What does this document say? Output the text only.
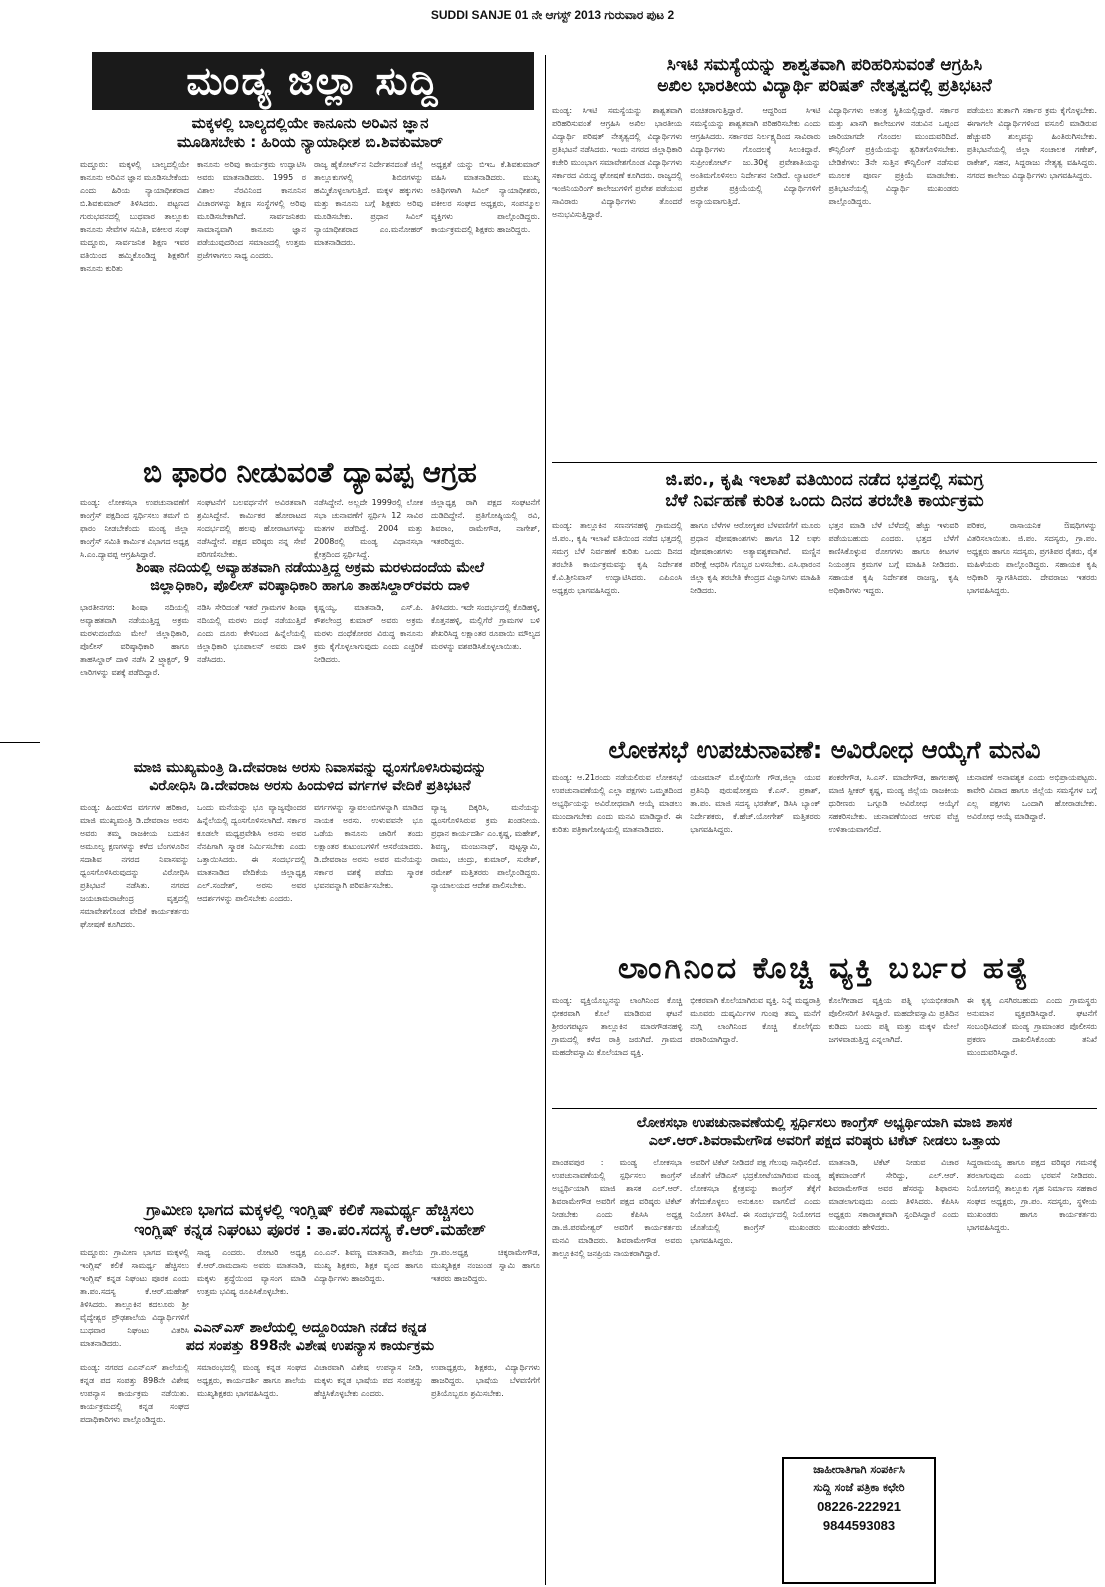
SUDDI SANJE 01 ನೇ ಆಗಸ್ಟ್ 2013 ಗುರುವಾರ ಪುಟ 2
ಮಂಡ್ಯ ಜಿಲ್ಲಾ ಸುದ್ದಿ
ಮಕ್ಕಳಲ್ಲಿ ಬಾಲ್ಯದಲ್ಲಿಯೇ ಕಾನೂನು ಅರಿವಿನ ಜ್ಞಾನ
ಮೂಡಿಸಬೇಕು : ಹಿರಿಯ ನ್ಯಾಯಾಧೀಶ ಬಿ.ಶಿವಕುಮಾರ್
ಮದ್ದೂರು: ಮಕ್ಕಳಲ್ಲಿ ಬಾಲ್ಯದಲ್ಲಿಯೇ ಕಾನೂನು ಅರಿವಿನ ಜ್ಞಾನ ಮೂಡಿಸಬೇಕೆಂದು ಎಂದು ಹಿರಿಯ ನ್ಯಾಯಾಧೀಶರಾದ ಬಿ.ಶಿವಕುಮಾರ್ ತಿಳಿಸಿದರು. ಪಟ್ಟಣದ ಗುರುಭವನದಲ್ಲಿ ಬುಧವಾರ ತಾಲ್ಲೂಕು ಕಾನೂನು ಸೇವೆಗಳ ಸಮಿತಿ, ವಕೀಲರ ಸಂಘ ಮದ್ದೂರು, ಸಾರ್ವಜನಿಕ ಶಿಕ್ಷಣ ಇವರ ವತಿಯಿಂದ ಹಮ್ಮಿಕೊಂಡಿದ್ದ ಶಿಕ್ಷಕರಿಗೆ ಕಾನೂನು ಕುರಿತು
ಕಾನೂನು ಅರಿವು ಕಾರ್ಯಕ್ರಮ ಉದ್ಘಾಟಿಸಿ ಅವರು ಮಾತನಾಡಿದರು. 1995 ರ ವಿಶಾಲ ನೆರವಿನಿಂದ ಕಾನೂನಿನ ವಿಚಾರಗಳನ್ನು ಶಿಕ್ಷಣ ಸಂಸ್ಥೆಗಳಲ್ಲಿ ಅರಿವು ಮೂಡಿಸಬೇಕಾಗಿದೆ. ಸಾರ್ವಜನಿಕರು ಸಾಮಾನ್ಯವಾಗಿ ಕಾನೂನು ಜ್ಞಾನ ಪಡೆಯುವುದರಿಂದ ಸಮಾಜದಲ್ಲಿ ಉತ್ತಮ ಪ್ರಜೆಗಳಾಗಲು ಸಾಧ್ಯ ಎಂದರು.
ರಾಜ್ಯ ಹೈಕೋರ್ಟ್‌ನ ನಿರ್ದೇಶನದಂತೆ ಜಿಲ್ಲೆ ತಾಲ್ಲೂಕುಗಳಲ್ಲಿ ಶಿಬಿರಗಳನ್ನು ಹಮ್ಮಿಕೊಳ್ಳಲಾಗುತ್ತಿದೆ. ಮಕ್ಕಳ ಹಕ್ಕುಗಳು ಮತ್ತು ಕಾನೂನು ಬಗ್ಗೆ ಶಿಕ್ಷಕರು ಅರಿವು ಮೂಡಿಸಬೇಕು. ಪ್ರಧಾನ ಸಿವಿಲ್ ನ್ಯಾಯಾಧೀಶರಾದ ಎಂ.ಮನೋಹರ್ ಮಾತನಾಡಿದರು.
ಅಧ್ಯಕ್ಷತೆ ಯನ್ನು ಬಿಇಒ ಕೆ.ಶಿವಕುಮಾರ್ ವಹಿಸಿ ಮಾತನಾಡಿದರು. ಮುಖ್ಯ ಅತಿಥಿಗಳಾಗಿ ಸಿವಿಲ್ ನ್ಯಾಯಾಧೀಶರು, ವಕೀಲರ ಸಂಘದ ಅಧ್ಯಕ್ಷರು, ಸಂಪನ್ಮೂಲ ವ್ಯಕ್ತಿಗಳು ಪಾಲ್ಗೊಂಡಿದ್ದರು. ಕಾರ್ಯಕ್ರಮದಲ್ಲಿ ಶಿಕ್ಷಕರು ಹಾಜರಿದ್ದರು.
ಬಿ ಫಾರಂ ನೀಡುವಂತೆ ದ್ಯಾವಪ್ಪ ಆಗ್ರಹ
ಮಂಡ್ಯ: ಲೋಕಸಭಾ ಉಪಚುನಾವಣೆಗೆ ಕಾಂಗ್ರೆಸ್ ಪಕ್ಷದಿಂದ ಸ್ಪರ್ಧಿಸಲು ತಮಗೆ ಬಿ ಫಾರಂ ನೀಡಬೇಕೆಂದು ಮಂಡ್ಯ ಜಿಲ್ಲಾ ಕಾಂಗ್ರೆಸ್ ಸಮಿತಿ ಕಾರ್ಮಿಕ ವಿಭಾಗದ ಅಧ್ಯಕ್ಷ ಸಿ.ಎಂ.ದ್ಯಾವಪ್ಪ ಆಗ್ರಹಿಸಿದ್ದಾರೆ.
ಸಂಘಟನೆಗೆ ಬಲವರ್ಧನೆಗೆ ಅವಿರತವಾಗಿ ಶ್ರಮಿಸಿದ್ದೇನೆ. ಕಾರ್ಮಿಕರ ಹೋರಾಟದ ಸಂದರ್ಭದಲ್ಲಿ ಹಲವು ಹೋರಾಟಗಳನ್ನು ನಡೆಸಿದ್ದೇನೆ. ಪಕ್ಷದ ವರಿಷ್ಠರು ನನ್ನ ಸೇವೆ ಪರಿಗಣಿಸಬೇಕು.
ನಡೆಸಿದ್ದೇನೆ. ಅಲ್ಲದೇ 1999ರಲ್ಲಿ ಲೋಕ ಸಭಾ ಚುನಾವಣೆಗೆ ಸ್ಪರ್ಧಿಸಿ 12 ಸಾವಿರ ಮತಗಳ ಪಡೆದಿದ್ದೆ. 2004 ಮತ್ತು 2008ರಲ್ಲಿ ಮಂಡ್ಯ ವಿಧಾನಸಭಾ ಕ್ಷೇತ್ರದಿಂದ ಸ್ಪರ್ಧಿಸಿದ್ದೆ.
ಜಿಲ್ಲಾಧ್ಯಕ್ಷ ರಾಗಿ ಪಕ್ಷದ ಸಂಘಟನೆಗೆ ದುಡಿದಿದ್ದೇನೆ. ಪ್ರತಿಗೋಷ್ಠಿಯಲ್ಲಿ ರವಿ, ಶಿವರಾಂ, ರಾಮೇಗೌಡ, ನಾಗೇಶ್, ಇತರರಿದ್ದರು.
ಶಿಂಷಾ ನದಿಯಲ್ಲಿ ಅವ್ಯಾಹತವಾಗಿ ನಡೆಯುತ್ತಿದ್ದ ಅಕ್ರಮ ಮರಳುದಂದೆಯ ಮೇಲೆ
ಜಿಲ್ಲಾಧಿಕಾರಿ, ಪೊಲೀಸ್ ವರಿಷ್ಠಾಧಿಕಾರಿ ಹಾಗೂ ತಾಹಸಿಲ್ದಾರ್‌ರವರು ದಾಳಿ
ಭಾರತೀನಗರ: ಶಿಂಷಾ ನದಿಯಲ್ಲಿ ಅವ್ಯಾಹತವಾಗಿ ನಡೆಯುತ್ತಿದ್ದ ಅಕ್ರಮ ಮರಳುದಂದೆಯ ಮೇಲೆ ಜಿಲ್ಲಾಧಿಕಾರಿ, ಪೊಲೀಸ್ ವರಿಷ್ಠಾಧಿಕಾರಿ ಹಾಗೂ ತಾಹಸಿಲ್ದಾರ್ ದಾಳಿ ನಡೆಸಿ 2 ಟ್ರ್ಯಾಕ್ಟರ್, 9 ಲಾರಿಗಳನ್ನು ವಶಕ್ಕೆ ಪಡೆದಿದ್ದಾರೆ.
ನಡಿಸಿ ಸೇರಿದಂತೆ ಇತರೆ ಗ್ರಾಮಗಳ ಶಿಂಷಾ ನದಿಯಲ್ಲಿ ಮರಳು ದಂಧೆ ನಡೆಯುತ್ತಿದೆ ಎಂದು ದೂರು ಕೇಳಿಬಂದ ಹಿನ್ನೆಲೆಯಲ್ಲಿ ಜಿಲ್ಲಾಧಿಕಾರಿ ಭೂಪಾಲನ್ ಅವರು ದಾಳಿ ನಡೆಸಿದರು.
ಕೃಷ್ಣಯ್ಯ, ಮಾತನಾಡಿ, ಎಸ್.ಪಿ. ಕೌಶಲೇಂದ್ರ ಕುಮಾರ್ ಅವರು ಅಕ್ರಮ ಮರಳು ದಂಧೆಕೋರರ ವಿರುದ್ಧ ಕಾನೂನು ಕ್ರಮ ಕೈಗೊಳ್ಳಲಾಗುವುದು ಎಂದು ಎಚ್ಚರಿಕೆ ನೀಡಿದರು.
ತಿಳಿಸಿದರು. ಇದೇ ಸಂದರ್ಭದಲ್ಲಿ ಕೊಡಿಹಳ್ಳಿ, ಕೊತ್ತನಹಳ್ಳಿ, ಮಲ್ಲಿಗೆರೆ ಗ್ರಾಮಗಳ ಬಳಿ ಶೇಖರಿಸಿದ್ದ ಲಕ್ಷಾಂತರ ರೂಪಾಯಿ ಮೌಲ್ಯದ ಮರಳನ್ನು ವಶಪಡಿಸಿಕೊಳ್ಳಲಾಯಿತು.
ಮಾಜಿ ಮುಖ್ಯಮಂತ್ರಿ ಡಿ.ದೇವರಾಜ ಅರಸು ನಿವಾಸವನ್ನು ಧ್ವಂಸಗೊಳಿಸಿರುವುದನ್ನು
ವಿರೋಧಿಸಿ ಡಿ.ದೇವರಾಜ ಅರಸು ಹಿಂದುಳಿದ ವರ್ಗಗಳ ವೇದಿಕೆ ಪ್ರತಿಭಟನೆ
ಮಂಡ್ಯ: ಹಿಂದುಳಿದ ವರ್ಗಗಳ ಹರಿಕಾರ, ಮಾಜಿ ಮುಖ್ಯಮಂತ್ರಿ ಡಿ.ದೇವರಾಜ ಅರಸು ಅವರು ತಮ್ಮ ರಾಜಕೀಯ ಬದುಕಿನ ಅಮೂಲ್ಯ ಕ್ಷಣಗಳನ್ನು ಕಳೆದ ಬೆಂಗಳೂರಿನ ಸದಾಶಿವ ನಗರದ ನಿವಾಸವನ್ನು ಧ್ವಂಸಗೊಳಿಸಿರುವುದನ್ನು ವಿರೋಧಿಸಿ ಪ್ರತಿಭಟನೆ ನಡೆಸಿತು. ನಗರದ ಜಯಚಾಮರಾಜೇಂದ್ರ ವೃತ್ತದಲ್ಲಿ ಸಮಾವೇಶಗೊಂಡ ವೇದಿಕೆ ಕಾರ್ಯಕರ್ತರು ಘೋಷಣೆ ಕೂಗಿದರು.
ಒಂದು ಮನೆಯನ್ನು ಭೂ ವ್ಯಾಜ್ಯವೊಂದರ ಹಿನ್ನೆಲೆಯಲ್ಲಿ ದ್ವಂಸಗೊಳಿಸಲಾಗಿದೆ. ಸರ್ಕಾರ ಕೂಡಲೇ ಮಧ್ಯಪ್ರವೇಶಿಸಿ ಅರಸು ಅವರ ನೆನಪಿಗಾಗಿ ಸ್ಮಾರಕ ನಿರ್ಮಿಸಬೇಕು ಎಂದು ಒತ್ತಾಯಿಸಿದರು. ಈ ಸಂದರ್ಭದಲ್ಲಿ ಮಾತನಾಡಿದ ವೇದಿಕೆಯ ಜಿಲ್ಲಾಧ್ಯಕ್ಷ ಎಲ್.ಸಂದೇಶ್, ಅರಸು ಅವರ ಆದರ್ಶಗಳನ್ನು ಪಾಲಿಸಬೇಕು ಎಂದರು.
ವರ್ಗಗಳನ್ನು ಸ್ವಾವಲಂಬಿಗಳನ್ನಾಗಿ ಮಾಡಿದ ನಾಯಕ ಅರಸು. ಉಳುವವನೇ ಭೂ ಒಡೆಯ ಕಾನೂನು ಜಾರಿಗೆ ತಂದು ಲಕ್ಷಾಂತರ ಕುಟುಂಬಗಳಿಗೆ ಆಸರೆಯಾದರು. ಡಿ.ದೇವರಾಜ ಅರಸು ಅವರ ಮನೆಯನ್ನು ಸರ್ಕಾರ ವಶಕ್ಕೆ ಪಡೆದು ಸ್ಮಾರಕ ಭವನವನ್ನಾಗಿ ಪರಿವರ್ತಿಸಬೇಕು.
ವ್ಯಾಜ್ಯ ದಿಕ್ಕರಿಸಿ, ಮನೆಯನ್ನು ಧ್ವಂಸಗೊಳಿಸಿರುವ ಕ್ರಮ ಖಂಡನೀಯ. ಪ್ರಧಾನ ಕಾರ್ಯದರ್ಶಿ ಎಂ.ಕೃಷ್ಣ, ಮಹೇಶ್, ಶಿವಣ್ಣ, ಮಂಜುನಾಥ್, ಪುಟ್ಟಸ್ವಾಮಿ, ರಾಮು, ಚಂದ್ರು, ಕುಮಾರ್, ಸುರೇಶ್, ರಮೇಶ್ ಮತ್ತಿತರರು ಪಾಲ್ಗೊಂಡಿದ್ದರು. ನ್ಯಾಯಾಲಯದ ಆದೇಶ ಪಾಲಿಸಬೇಕು.
ಗ್ರಾಮೀಣ ಭಾಗದ ಮಕ್ಕಳಲ್ಲಿ ಇಂಗ್ಲಿಷ್ ಕಲಿಕೆ ಸಾಮರ್ಥ್ಯ ಹೆಚ್ಚಿಸಲು
ಇಂಗ್ಲಿಷ್ ಕನ್ನಡ ನಿಘಂಟು ಪೂರಕ : ತಾ.ಪಂ.ಸದಸ್ಯ ಕೆ.ಆರ್.ಮಹೇಶ್
ಮದ್ದೂರು: ಗ್ರಾಮೀಣ ಭಾಗದ ಮಕ್ಕಳಲ್ಲಿ ಇಂಗ್ಲಿಷ್ ಕಲಿಕೆ ಸಾಮರ್ಥ್ಯ ಹೆಚ್ಚಿಸಲು ಇಂಗ್ಲಿಷ್ ಕನ್ನಡ ನಿಘಂಟು ಪೂರಕ ಎಂದು ತಾ.ಪಂ.ಸದಸ್ಯ ಕೆ.ಆರ್.ಮಹೇಶ್ ತಿಳಿಸಿದರು. ತಾಲ್ಲೂಕಿನ ಕದಲೂರು ಶ್ರೀ ವೈದ್ಯೇಶ್ವರ ಪ್ರೌಢಶಾಲೆಯ ವಿದ್ಯಾರ್ಥಿಗಳಿಗೆ ಬುಧವಾರ ನಿಘಂಟು ವಿತರಿಸಿ ಮಾತನಾಡಿದರು.
ಸಾಧ್ಯ ಎಂದರು. ರೋಟರಿ ಅಧ್ಯಕ್ಷ ಕೆ.ಆರ್.ರಾಮದಾಸು ಅವರು ಮಾತನಾಡಿ, ಮಕ್ಕಳು ಶ್ರದ್ಧೆಯಿಂದ ವ್ಯಾಸಂಗ ಮಾಡಿ ಉತ್ತಮ ಭವಿಷ್ಯ ರೂಪಿಸಿಕೊಳ್ಳಬೇಕು.
ಎಂ.ಎನ್. ಶಿವಣ್ಣ ಮಾತನಾಡಿ, ಶಾಲೆಯ ಮುಖ್ಯ ಶಿಕ್ಷಕರು, ಶಿಕ್ಷಕ ವೃಂದ ಹಾಗೂ ವಿದ್ಯಾರ್ಥಿಗಳು ಹಾಜರಿದ್ದರು.
ಗ್ರಾ.ಪಂ.ಅಧ್ಯಕ್ಷ ಚಿಕ್ಕರಾಮೇಗೌಡ, ಮುಖ್ಯಶಿಕ್ಷಕ ನಂಜುಂಡ ಸ್ವಾಮಿ ಹಾಗೂ ಇತರರು ಹಾಜರಿದ್ದರು.
ಎಎನ್‌ಎಸ್ ಶಾಲೆಯಲ್ಲಿ ಅದ್ದೂರಿಯಾಗಿ ನಡೆದ ಕನ್ನಡ
ಪದ ಸಂಪತ್ತು 898ನೇ ವಿಶೇಷ ಉಪನ್ಯಾಸ ಕಾರ್ಯಕ್ರಮ
ಮಂಡ್ಯ: ನಗರದ ಎಎನ್‌ಎಸ್ ಶಾಲೆಯಲ್ಲಿ ಕನ್ನಡ ಪದ ಸಂಪತ್ತು 898ನೇ ವಿಶೇಷ ಉಪನ್ಯಾಸ ಕಾರ್ಯಕ್ರಮ ನಡೆಯಿತು. ಕಾರ್ಯಕ್ರಮದಲ್ಲಿ ಕನ್ನಡ ಸಂಘದ ಪದಾಧಿಕಾರಿಗಳು ಪಾಲ್ಗೊಂಡಿದ್ದರು.
ಸಮಾರಂಭದಲ್ಲಿ ಮಂಡ್ಯ ಕನ್ನಡ ಸಂಘದ ಅಧ್ಯಕ್ಷರು, ಕಾರ್ಯದರ್ಶಿ ಹಾಗೂ ಶಾಲೆಯ ಮುಖ್ಯಶಿಕ್ಷಕರು ಭಾಗವಹಿಸಿದ್ದರು.
ವಿಚಾರವಾಗಿ ವಿಶೇಷ ಉಪನ್ಯಾಸ ನೀಡಿ, ಮಕ್ಕಳು ಕನ್ನಡ ಭಾಷೆಯ ಪದ ಸಂಪತ್ತನ್ನು ಹೆಚ್ಚಿಸಿಕೊಳ್ಳಬೇಕು ಎಂದರು.
ಉಪಾಧ್ಯಕ್ಷರು, ಶಿಕ್ಷಕರು, ವಿದ್ಯಾರ್ಥಿಗಳು ಹಾಜರಿದ್ದರು. ಭಾಷೆಯ ಬೆಳವಣಿಗೆಗೆ ಪ್ರತಿಯೊಬ್ಬರೂ ಶ್ರಮಿಸಬೇಕು.
ಸಿಇಟಿ ಸಮಸ್ಯೆಯನ್ನು ಶಾಶ್ವತವಾಗಿ ಪರಿಹರಿಸುವಂತೆ ಆಗ್ರಹಿಸಿ
ಅಖಿಲ ಭಾರತೀಯ ವಿದ್ಯಾರ್ಥಿ ಪರಿಷತ್ ನೇತೃತ್ವದಲ್ಲಿ ಪ್ರತಿಭಟನೆ
ಮಂಡ್ಯ: ಸಿಇಟಿ ಸಮಸ್ಯೆಯನ್ನು ಶಾಶ್ವತವಾಗಿ ಪರಿಹರಿಸುವಂತೆ ಆಗ್ರಹಿಸಿ ಅಖಿಲ ಭಾರತೀಯ ವಿದ್ಯಾರ್ಥಿ ಪರಿಷತ್ ನೇತೃತ್ವದಲ್ಲಿ ವಿದ್ಯಾರ್ಥಿಗಳು ಪ್ರತಿಭಟನೆ ನಡೆಸಿದರು. ಇಂದು ನಗರದ ಜಿಲ್ಲಾಧಿಕಾರಿ ಕಚೇರಿ ಮುಂಭಾಗ ಸಮಾವೇಶಗೊಂಡ ವಿದ್ಯಾರ್ಥಿಗಳು ಸರ್ಕಾರದ ವಿರುದ್ಧ ಘೋಷಣೆ ಕೂಗಿದರು. ರಾಜ್ಯದಲ್ಲಿ ಇಂಜಿನಿಯರಿಂಗ್ ಕಾಲೇಜುಗಳಿಗೆ ಪ್ರವೇಶ ಪಡೆಯುವ ಸಾವಿರಾರು ವಿದ್ಯಾರ್ಥಿಗಳು ತೊಂದರೆ ಅನುಭವಿಸುತ್ತಿದ್ದಾರೆ.
ವಂಚಿತರಾಗುತ್ತಿದ್ದಾರೆ. ಆದ್ದರಿಂದ ಸಿಇಟಿ ಸಮಸ್ಯೆಯನ್ನು ಶಾಶ್ವತವಾಗಿ ಪರಿಹರಿಸಬೇಕು ಎಂದು ಆಗ್ರಹಿಸಿದರು. ಸರ್ಕಾರದ ನಿರ್ಲಕ್ಷ್ಯದಿಂದ ಸಾವಿರಾರು ವಿದ್ಯಾರ್ಥಿಗಳು ಗೊಂದಲಕ್ಕೆ ಸಿಲುಕಿದ್ದಾರೆ. ಸುಪ್ರೀಂಕೋರ್ಟ್ ಜು.30ಕ್ಕೆ ಪ್ರವೇಶಾತಿಯನ್ನು ಅಂತಿಮಗೊಳಿಸಲು ನಿರ್ದೇಶನ ನೀಡಿದೆ. ಲ್ಯಾಟರಲ್ ಪ್ರವೇಶ ಪ್ರಕ್ರಿಯೆಯಲ್ಲಿ ವಿದ್ಯಾರ್ಥಿಗಳಿಗೆ ಅನ್ಯಾಯವಾಗುತ್ತಿದೆ.
ವಿದ್ಯಾರ್ಥಿಗಳು ಅತಂತ್ರ ಸ್ಥಿತಿಯಲ್ಲಿದ್ದಾರೆ. ಸರ್ಕಾರ ಮತ್ತು ಖಾಸಗಿ ಕಾಲೇಜುಗಳ ನಡುವಿನ ಒಪ್ಪಂದ ಜಾರಿಯಾಗದೇ ಗೊಂದಲ ಮುಂದುವರಿದಿದೆ. ಕೌನ್ಸಿಲಿಂಗ್ ಪ್ರಕ್ರಿಯೆಯನ್ನು ತ್ವರಿತಗೊಳಿಸಬೇಕು. ಬೇಡಿಕೆಗಳು: 3ನೇ ಸುತ್ತಿನ ಕೌನ್ಸಿಲಿಂಗ್ ನಡೆಸುವ ಮೂಲಕ ಪೂರ್ಣ ಪ್ರಕ್ರಿಯೆ ಮಾಡಬೇಕು. ಪ್ರತಿಭಟನೆಯಲ್ಲಿ ವಿದ್ಯಾರ್ಥಿ ಮುಖಂಡರು ಪಾಲ್ಗೊಂಡಿದ್ದರು.
ಪಡೆಯಲು ತುರ್ತಾಗಿ ಸರ್ಕಾರ ಕ್ರಮ ಕೈಗೊಳ್ಳಬೇಕು. ಈಗಾಗಲೇ ವಿದ್ಯಾರ್ಥಿಗಳಿಂದ ವಸೂಲಿ ಮಾಡಿರುವ ಹೆಚ್ಚುವರಿ ಶುಲ್ಕವನ್ನು ಹಿಂತಿರುಗಿಸಬೇಕು. ಪ್ರತಿಭಟನೆಯಲ್ಲಿ ಜಿಲ್ಲಾ ಸಂಚಾಲಕ ಗಣೇಶ್, ರಾಕೇಶ್, ಸಹನ, ಸಿದ್ದರಾಜು ನೇತೃತ್ವ ವಹಿಸಿದ್ದರು. ನಗರದ ಕಾಲೇಜು ವಿದ್ಯಾರ್ಥಿಗಳು ಭಾಗವಹಿಸಿದ್ದರು.
ಜಿ.ಪಂ., ಕೃಷಿ ಇಲಾಖೆ ವತಿಯಿಂದ ನಡೆದ ಭತ್ತದಲ್ಲಿ ಸಮಗ್ರ
ಬೆಳೆ ನಿರ್ವಹಣೆ ಕುರಿತ ಒಂದು ದಿನದ ತರಬೇತಿ ಕಾರ್ಯಕ್ರಮ
ಮಂಡ್ಯ: ತಾಲ್ಲೂಕಿನ ಸಣನಗನಹಳ್ಳಿ ಗ್ರಾಮದಲ್ಲಿ ಜಿ.ಪಂ., ಕೃಷಿ ಇಲಾಖೆ ವತಿಯಿಂದ ನಡೆದ ಭತ್ತದಲ್ಲಿ ಸಮಗ್ರ ಬೆಳೆ ನಿರ್ವಹಣೆ ಕುರಿತು ಒಂದು ದಿನದ ತರಬೇತಿ ಕಾರ್ಯಕ್ರಮವನ್ನು ಕೃಷಿ ನಿರ್ದೇಶಕ ಕೆ.ವಿ.ಶ್ರೀನಿವಾಸ್ ಉದ್ಘಾಟಿಸಿದರು. ಎಪಿಎಂಸಿ ಅಧ್ಯಕ್ಷರು ಭಾಗವಹಿಸಿದ್ದರು.
ಹಾಗೂ ಬೆಳೆಗಳ ಆರೋಗ್ಯಕರ ಬೆಳವಣಿಗೆಗೆ ಮೂರು ಪ್ರಧಾನ ಪೋಷಕಾಂಶಗಳು ಹಾಗೂ 12 ಲಘು ಪೋಷಕಾಂಶಗಳು ಅತ್ಯಾವಶ್ಯಕವಾಗಿವೆ. ಮಣ್ಣಿನ ಪರೀಕ್ಷೆ ಆಧರಿಸಿ ಗೊಬ್ಬರ ಬಳಸಬೇಕು. ಎಸಿ.ಫಾರಂನ ಜಿಲ್ಲಾ ಕೃಷಿ ತರಬೇತಿ ಕೇಂದ್ರದ ವಿಜ್ಞಾನಿಗಳು ಮಾಹಿತಿ ನೀಡಿದರು.
ಭತ್ತನ ಮಾಡಿ ಬೆಳೆ ಬೆಳೆದಲ್ಲಿ ಹೆಚ್ಚು ಇಳುವರಿ ಪಡೆಯಬಹುದು ಎಂದರು. ಭತ್ತದ ಬೆಳೆಗೆ ಕಾಣಿಸಿಕೊಳ್ಳುವ ರೋಗಗಳು ಹಾಗೂ ಕೀಟಗಳ ನಿಯಂತ್ರಣ ಕ್ರಮಗಳ ಬಗ್ಗೆ ಮಾಹಿತಿ ನೀಡಿದರು. ಸಹಾಯಕ ಕೃಷಿ ನಿರ್ದೇಶಕ ರಾಜಣ್ಣ, ಕೃಷಿ ಅಧಿಕಾರಿಗಳು ಇದ್ದರು.
ಪರಿಕರ, ರಾಸಾಯನಿಕ ಔಷಧಿಗಳನ್ನು ವಿತರಿಸಲಾಯಿತು. ಜಿ.ಪಂ. ಸದಸ್ಯರು, ಗ್ರಾ.ಪಂ. ಅಧ್ಯಕ್ಷರು ಹಾಗೂ ಸದಸ್ಯರು, ಪ್ರಗತಿಪರ ರೈತರು, ರೈತ ಮಹಿಳೆಯರು ಪಾಲ್ಗೊಂಡಿದ್ದರು. ಸಹಾಯಕ ಕೃಷಿ ಅಧಿಕಾರಿ ಸ್ವಾಗತಿಸಿದರು. ದೇವರಾಜು ಇತರರು ಭಾಗವಹಿಸಿದ್ದರು.
ಲೋಕಸಭೆ ಉಪಚುನಾವಣೆ: ಅವಿರೋಧ ಆಯ್ಕೆಗೆ ಮನವಿ
ಮಂಡ್ಯ: ಆ.21ರಂದು ನಡೆಯಲಿರುವ ಲೋಕಸಭೆ ಉಪಚುನಾವಣೆಯಲ್ಲಿ ಎಲ್ಲಾ ಪಕ್ಷಗಳು ಒಮ್ಮತದಿಂದ ಅಭ್ಯರ್ಥಿಯನ್ನು ಅವಿರೋಧವಾಗಿ ಆಯ್ಕೆ ಮಾಡಲು ಮುಂದಾಗಬೇಕು ಎಂದು ಮನವಿ ಮಾಡಿದ್ದಾರೆ. ಈ ಕುರಿತು ಪತ್ರಿಕಾಗೋಷ್ಠಿಯಲ್ಲಿ ಮಾತನಾಡಿದರು.
ಯಜಮಾನ್ ಮೊಳ್ಳೆಯಿಗೇ ಗೌಡ,ಜಿಲ್ಲಾ ಯುವ ಪ್ರತಿನಿಧಿ ಪುರುಷೋತ್ತಮ ಕೆ.ಎಸ್. ಪ್ರಕಾಶ್, ತಾ.ಪಂ. ಮಾಜಿ ಸದಸ್ಯ ಭರತೇಶ್, ಡಿಸಿಸಿ ಬ್ಯಾಂಕ್ ನಿರ್ದೇಶಕರು, ಕೆ.ಹೆಚ್.ಯೋಗೇಶ್ ಮತ್ತಿತರರು ಭಾಗವಹಿಸಿದ್ದರು.
ಶಂಕರೇಗೌಡ, ಸಿ.ಎಸ್. ಮಾದೇಗೌಡ, ಹಾಗಲಹಳ್ಳಿ ಮಾಜಿ ಸ್ಪೀಕರ್ ಕೃಷ್ಣ, ಮಂಡ್ಯ ಜಿಲ್ಲೆಯ ರಾಜಕೀಯ ಧುರೀಣರು ಒಗ್ಗೂಡಿ ಅವಿರೋಧ ಆಯ್ಕೆಗೆ ಸಹಕರಿಸಬೇಕು. ಚುನಾವಣೆಯಿಂದ ಆಗುವ ವೆಚ್ಚ ಉಳಿತಾಯವಾಗಲಿದೆ.
ಚುನಾವಣೆ ಅನಾವಶ್ಯಕ ಎಂದು ಅಭಿಪ್ರಾಯಪಟ್ಟರು. ಕಾವೇರಿ ವಿವಾದ ಹಾಗೂ ಜಿಲ್ಲೆಯ ಸಮಸ್ಯೆಗಳ ಬಗ್ಗೆ ಎಲ್ಲ ಪಕ್ಷಗಳು ಒಂದಾಗಿ ಹೋರಾಡಬೇಕು. ಅವಿರೋಧ ಆಯ್ಕೆ ಮಾಡಿದ್ದಾರೆ.
ಲಾಂಗಿನಿಂದ ಕೊಚ್ಚಿ ವ್ಯಕ್ತಿ ಬರ್ಬರ ಹತ್ಯೆ
ಮಂಡ್ಯ: ವ್ಯಕ್ತಿಯೊಬ್ಬನನ್ನು ಲಾಂಗಿನಿಂದ ಕೊಚ್ಚಿ ಭೀಕರವಾಗಿ ಕೊಲೆ ಮಾಡಿರುವ ಘಟನೆ ಶ್ರೀರಂಗಪಟ್ಟಣ ತಾಲ್ಲೂಕಿನ ಮಾರಗೌಡನಹಳ್ಳಿ ಗ್ರಾಮದಲ್ಲಿ ಕಳೆದ ರಾತ್ರಿ ಜರುಗಿದೆ. ಗ್ರಾಮದ ಮಹದೇವಸ್ವಾಮಿ ಕೊಲೆಯಾದ ವ್ಯಕ್ತಿ.
ಭೀಕರವಾಗಿ ಕೊಲೆಯಾಗಿರುವ ವ್ಯಕ್ತಿ. ನಿನ್ನೆ ಮಧ್ಯರಾತ್ರಿ ಮೂವರು ದುಷ್ಕರ್ಮಿಗಳ ಗುಂಪು ತಮ್ಮ ಮನೆಗೆ ನುಗ್ಗಿ ಲಾಂಗಿನಿಂದ ಕೊಚ್ಚಿ ಕೊಲೆಗೈದು ಪರಾರಿಯಾಗಿದ್ದಾರೆ.
ಕೊಲೆಗೀಡಾದ ವ್ಯಕ್ತಿಯ ಪತ್ನಿ ಭಯಭೀತರಾಗಿ ಪೊಲೀಸರಿಗೆ ತಿಳಿಸಿದ್ದಾರೆ. ಮಹದೇವಸ್ವಾಮಿ ಪ್ರತಿದಿನ ಕುಡಿದು ಬಂದು ಪತ್ನಿ ಮತ್ತು ಮಕ್ಕಳ ಮೇಲೆ ಜಗಳವಾಡುತ್ತಿದ್ದ ಎನ್ನಲಾಗಿದೆ.
ಈ ಕೃತ್ಯ ಎಸಗಿರಬಹುದು ಎಂದು ಗ್ರಾಮಸ್ಥರು ಅನುಮಾನ ವ್ಯಕ್ತಪಡಿಸಿದ್ದಾರೆ. ಘಟನೆಗೆ ಸಂಬಂಧಿಸಿದಂತೆ ಮಂಡ್ಯ ಗ್ರಾಮಾಂತರ ಪೊಲೀಸರು ಪ್ರಕರಣ ದಾಖಲಿಸಿಕೊಂಡು ತನಿಖೆ ಮುಂದುವರಿಸಿದ್ದಾರೆ.
ಲೋಕಸಭಾ ಉಪಚುನಾವಣೆಯಲ್ಲಿ ಸ್ಪರ್ಧಿಸಲು ಕಾಂಗ್ರೆಸ್ ಅಭ್ಯರ್ಥಿಯಾಗಿ ಮಾಜಿ ಶಾಸಕ
ಎಲ್.ಆರ್.ಶಿವರಾಮೇಗೌಡ ಅವರಿಗೆ ಪಕ್ಷದ ವರಿಷ್ಠರು ಟಿಕೆಟ್ ನೀಡಲು ಒತ್ತಾಯ
ಪಾಂಡವಪುರ : ಮಂಡ್ಯ ಲೋಕಸಭಾ ಉಪಚುನಾವಣೆಯಲ್ಲಿ ಸ್ಪರ್ಧಿಸಲು ಕಾಂಗ್ರೆಸ್ ಅಭ್ಯರ್ಥಿಯಾಗಿ ಮಾಜಿ ಶಾಸಕ ಎಲ್.ಆರ್. ಶಿವರಾಮೇಗೌಡ ಅವರಿಗೆ ಪಕ್ಷದ ವರಿಷ್ಠರು ಟಿಕೆಟ್ ನೀಡಬೇಕು ಎಂದು ಕೆಪಿಸಿಸಿ ಅಧ್ಯಕ್ಷ ಡಾ.ಜಿ.ಪರಮೇಶ್ವರ್ ಅವರಿಗೆ ಕಾರ್ಯಕರ್ತರು ಮನವಿ ಮಾಡಿದರು. ಶಿವರಾಮೇಗೌಡ ಅವರು ತಾಲ್ಲೂಕಿನಲ್ಲಿ ಜನಪ್ರಿಯ ನಾಯಕರಾಗಿದ್ದಾರೆ.
ಅವರಿಗೆ ಟಿಕೆಟ್ ನೀಡಿದರೆ ಪಕ್ಷ ಗೆಲುವು ಸಾಧಿಸಲಿದೆ. ಜೊತೆಗೆ ಜೆಡಿಎಸ್ ಭದ್ರಕೋಟೆಯಾಗಿರುವ ಮಂಡ್ಯ ಲೋಕಸಭಾ ಕ್ಷೇತ್ರವನ್ನು ಕಾಂಗ್ರೆಸ್ ತೆಕ್ಕೆಗೆ ತೆಗೆದುಕೊಳ್ಳಲು ಅನುಕೂಲ ವಾಗಲಿದೆ ಎಂದು ನಿಯೋಗ ತಿಳಿಸಿದೆ. ಈ ಸಂದರ್ಭದಲ್ಲಿ ನಿಯೋಗದ ಜೊತೆಯಲ್ಲಿ ಕಾಂಗ್ರೆಸ್ ಮುಖಂಡರು ಭಾಗವಹಿಸಿದ್ದರು.
ಮಾತನಾಡಿ, ಟಿಕೆಟ್ ನೀಡುವ ವಿಚಾರ ಹೈಕಮಾಂಡ್‌ಗೆ ಸೇರಿದ್ದು, ಎಲ್.ಆರ್. ಶಿವರಾಮೇಗೌಡ ಅವರ ಹೆಸರನ್ನು ಶಿಫಾರಸು ಮಾಡಲಾಗುವುದು ಎಂದು ತಿಳಿಸಿದರು. ಕೆಪಿಸಿಸಿ ಅಧ್ಯಕ್ಷರು ಸಕಾರಾತ್ಮಕವಾಗಿ ಸ್ಪಂದಿಸಿದ್ದಾರೆ ಎಂದು ಮುಖಂಡರು ಹೇಳಿದರು.
ಸಿದ್ದರಾಮಯ್ಯ ಹಾಗೂ ಪಕ್ಷದ ವರಿಷ್ಠರ ಗಮನಕ್ಕೆ ತರಲಾಗುವುದು ಎಂದು ಭರವಸೆ ನೀಡಿದರು. ನಿಯೋಗದಲ್ಲಿ ತಾಲ್ಲೂಕು ಗೃಹ ನಿರ್ಮಾಣ ಸಹಕಾರ ಸಂಘದ ಅಧ್ಯಕ್ಷರು, ಗ್ರಾ.ಪಂ. ಸದಸ್ಯರು, ಸ್ಥಳೀಯ ಮುಖಂಡರು ಹಾಗೂ ಕಾರ್ಯಕರ್ತರು ಭಾಗವಹಿಸಿದ್ದರು.
ಜಾಹೀರಾತಿಗಾಗಿ ಸಂಪರ್ಕಿಸಿ
ಸುದ್ದಿ ಸಂಜೆ ಪತ್ರಿಕಾ ಕಛೇರಿ
08226-222921
9844593083
